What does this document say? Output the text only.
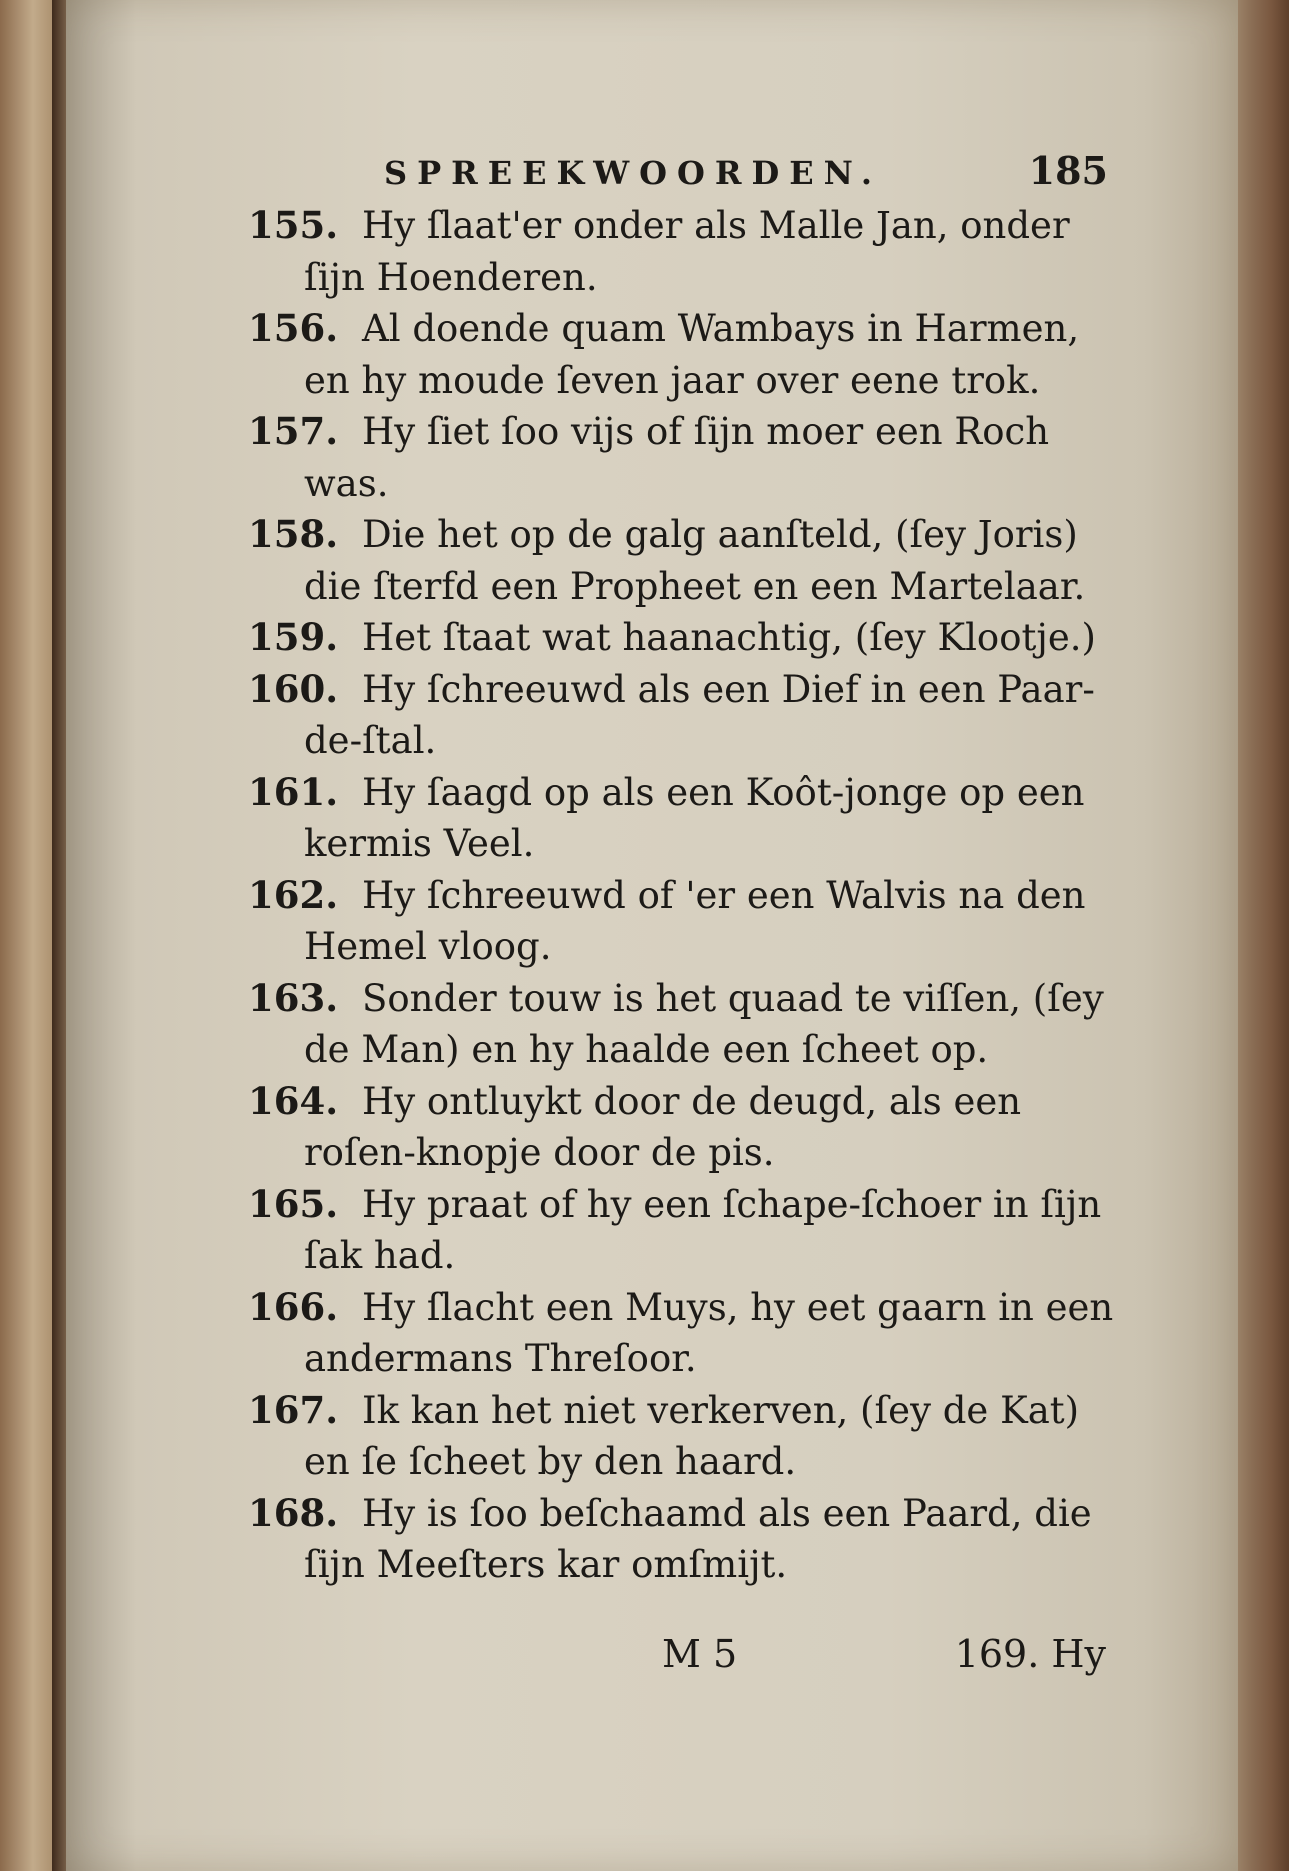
SPREEKWOORDEN.	185
155. Hy ſlaat'er onder als Malle Jan, onder
ſijn Hoenderen.
156. Al doende quam Wambays in Harmen,
en hy moude ſeven jaar over eene trok.
157. Hy ſiet ſoo vijs of ſijn moer een Roch
was.
158. Die het op de galg aanſteld, (ſey Joris)
die ſterfd een Propheet en een Martelaar.
159. Het ſtaat wat haanachtig, (ſey Klootje.)
160. Hy ſchreeuwd als een Dief in een Paar-
de-ſtal.
161. Hy ſaagd op als een Koôt-jonge op een
kermis Veel.
162. Hy ſchreeuwd of 'er een Walvis na den
Hemel vloog.
163. Sonder touw is het quaad te viſſen, (ſey
de Man) en hy haalde een ſcheet op.
164. Hy ontluykt door de deugd, als een
roſen-knopje door de pis.
165. Hy praat of hy een ſchape-ſchoer in ſijn
ſak had.
166. Hy ſlacht een Muys, hy eet gaarn in een
andermans Threſoor.
167. Ik kan het niet verkerven, (ſey de Kat)
en ſe ſcheet by den haard.
168. Hy is ſoo beſchaamd als een Paard, die
ſijn Meeſters kar omſmijt.
M 5	169. Hy
